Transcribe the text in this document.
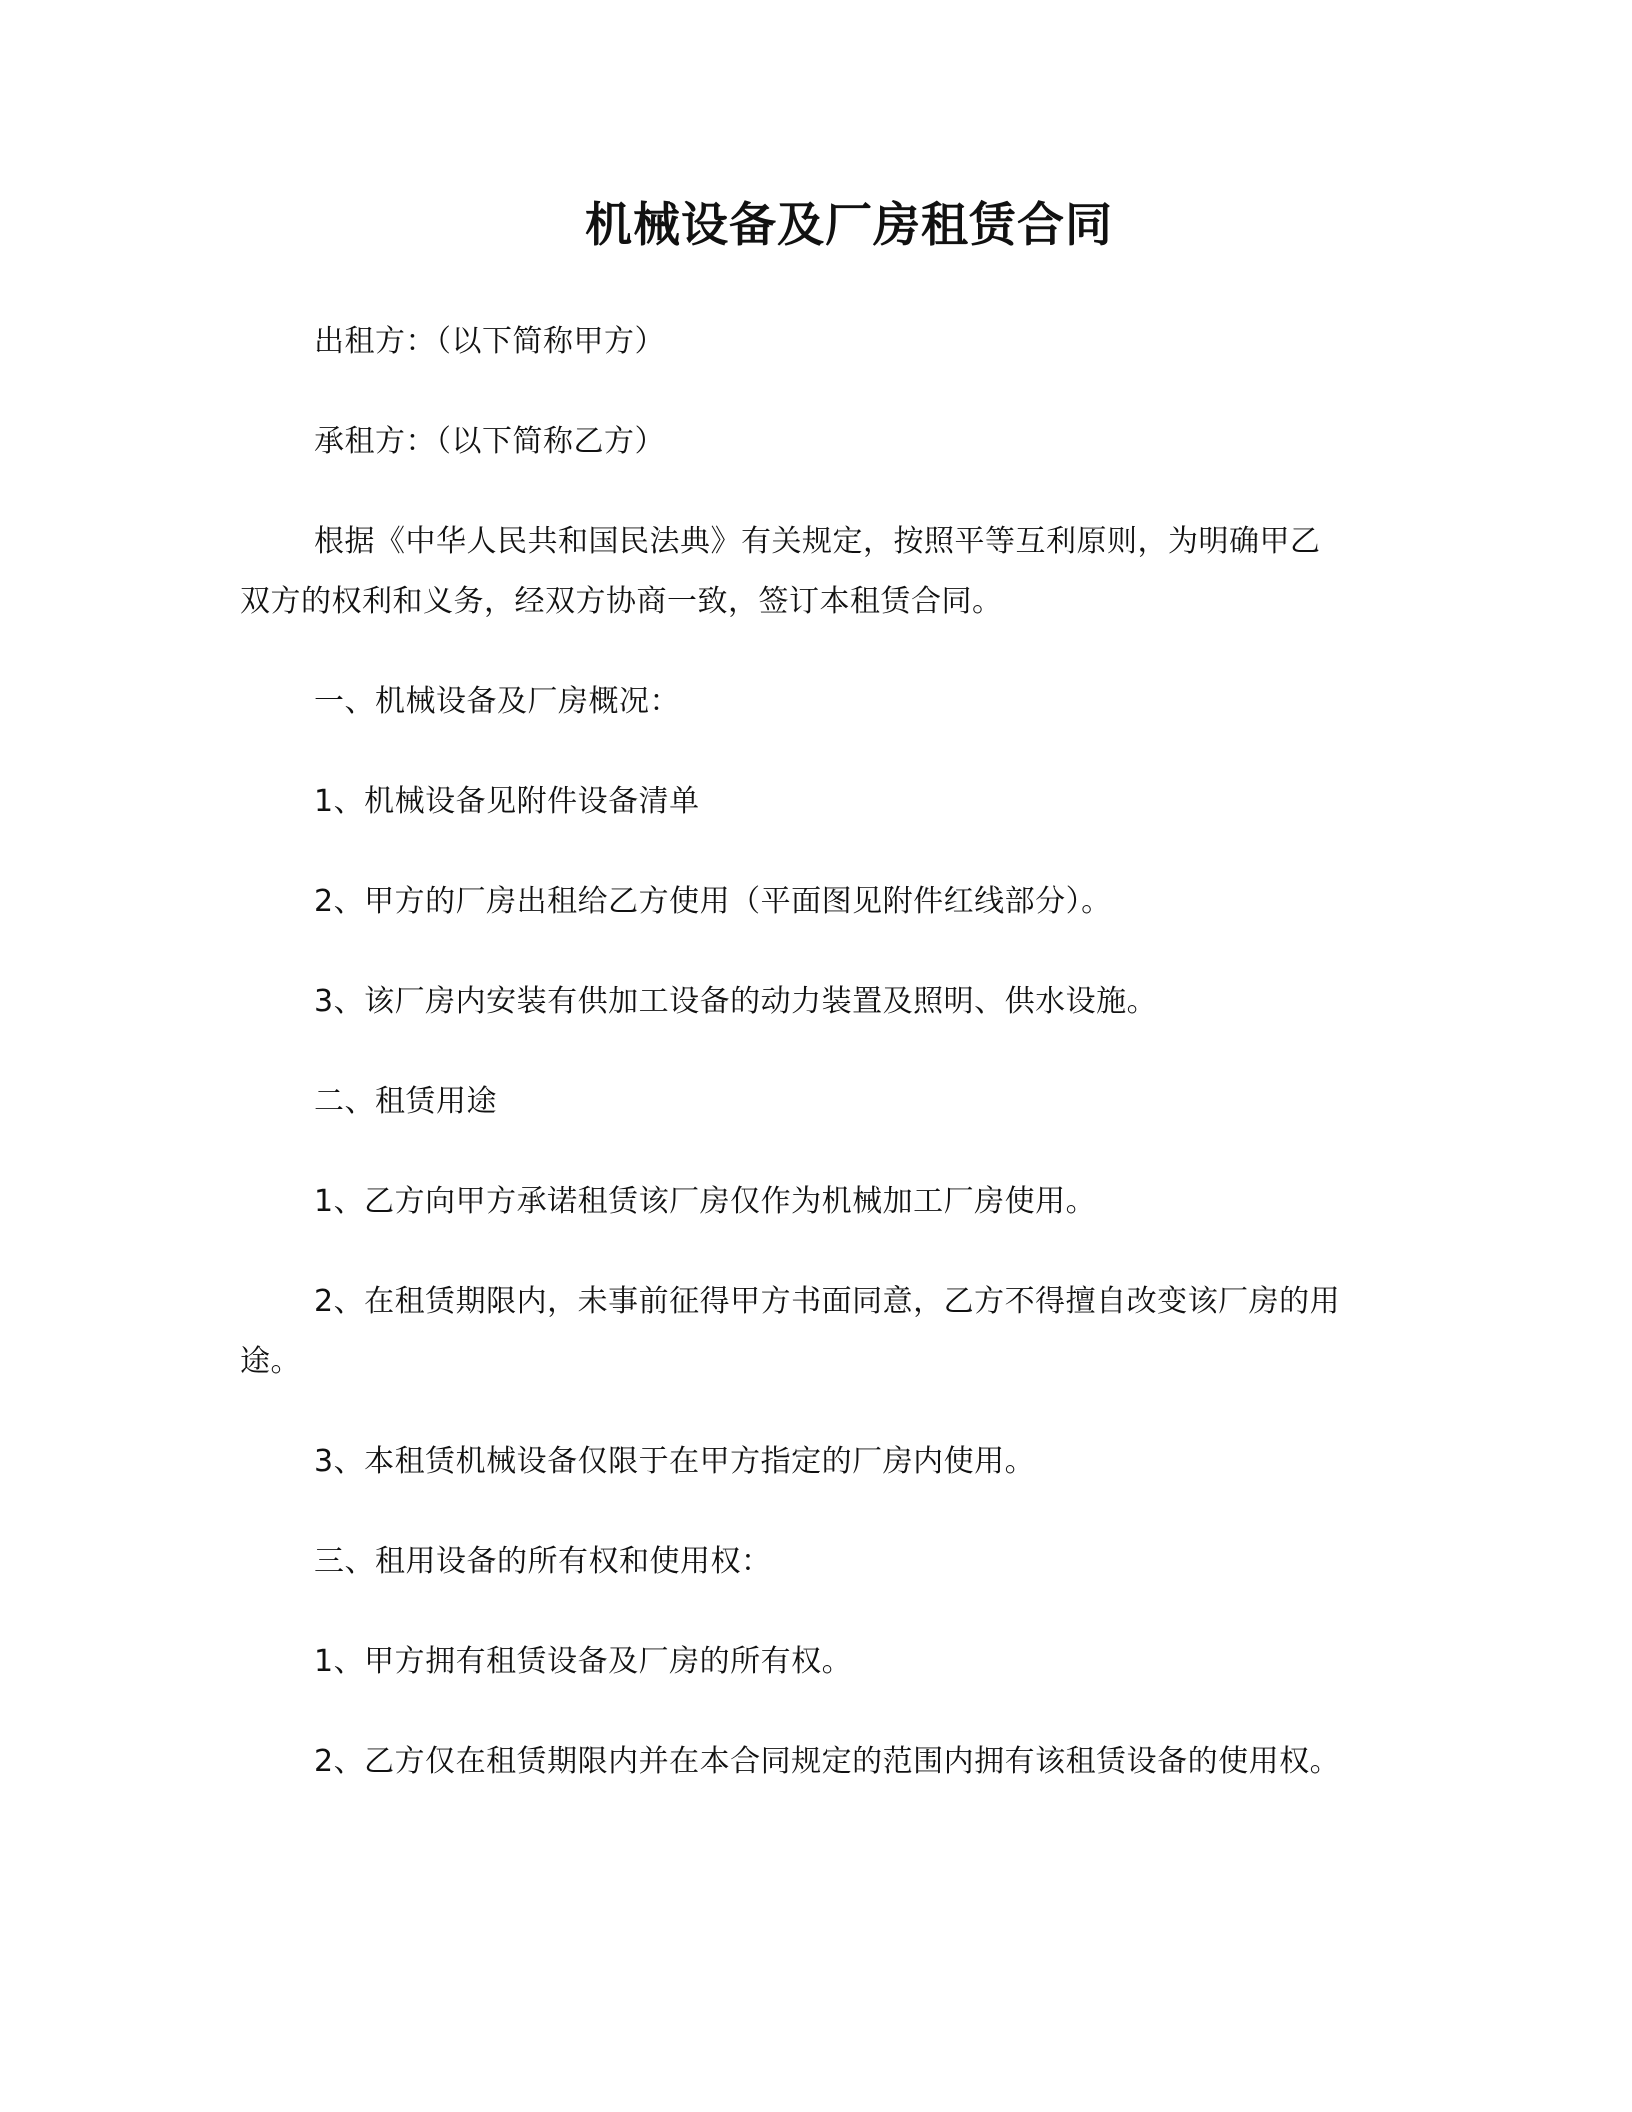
机械设备及厂房租赁合同
出租方：（以下简称甲方）
承租方：（以下简称乙方）
根据《中华人民共和国民法典》有关规定，按照平等互利原则，为明确甲乙
双方的权利和义务，经双方协商一致，签订本租赁合同。
一、机械设备及厂房概况：
1、机械设备见附件设备清单
2、甲方的厂房出租给乙方使用（平面图见附件红线部分）。
3、该厂房内安装有供加工设备的动力装置及照明、供水设施。
二、租赁用途
1、乙方向甲方承诺租赁该厂房仅作为机械加工厂房使用。
2、在租赁期限内，未事前征得甲方书面同意，乙方不得擅自改变该厂房的用
途。
3、本租赁机械设备仅限于在甲方指定的厂房内使用。
三、租用设备的所有权和使用权：
1、甲方拥有租赁设备及厂房的所有权。
2、乙方仅在租赁期限内并在本合同规定的范围内拥有该租赁设备的使用权。
